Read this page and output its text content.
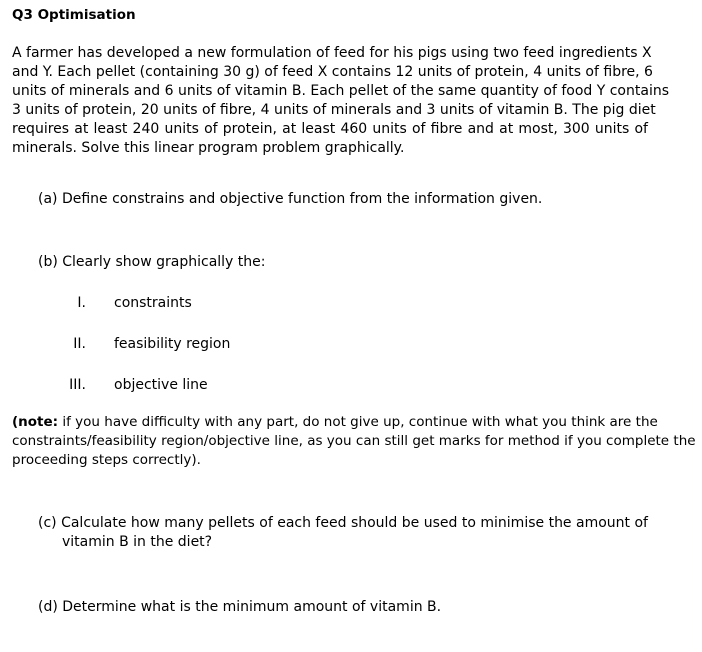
Q3 Optimisation
A farmer has developed a new formulation of feed for his pigs using two feed ingredients X
and Y. Each pellet (containing 30 g) of feed X contains 12 units of protein, 4 units of fibre, 6
units of minerals and 6 units of vitamin B. Each pellet of the same quantity of food Y contains
3 units of protein, 20 units of fibre, 4 units of minerals and 3 units of vitamin B. The pig diet
requires at least 240 units of protein, at least 460 units of fibre and at most, 300 units of
minerals. Solve this linear program problem graphically.
(a) Define constrains and objective function from the information given.
(b) Clearly show graphically the:
I. constraints
II. feasibility region
III. objective line
(note: if you have difficulty with any part, do not give up, continue with what you think are the
constraints/feasibility region/objective line, as you can still get marks for method if you complete the
proceeding steps correctly).
(c) Calculate how many pellets of each feed should be used to minimise the amount of
vitamin B in the diet?
(d) Determine what is the minimum amount of vitamin B.
